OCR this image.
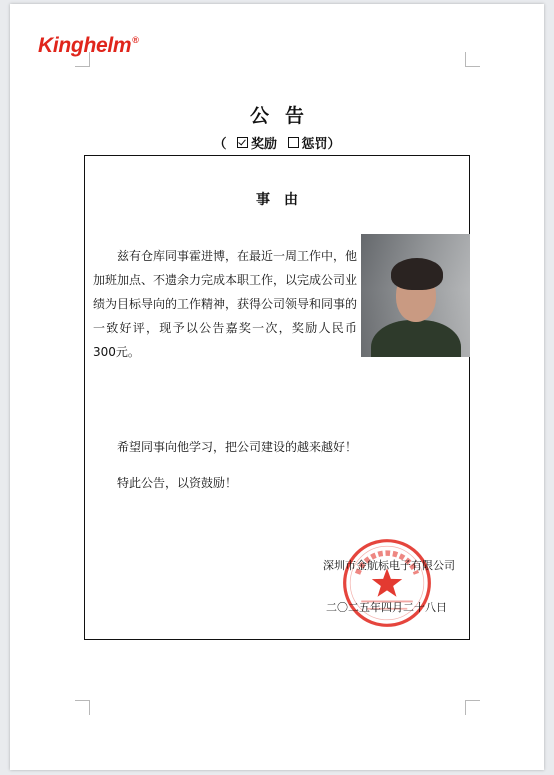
Kinghelm®
公告
（ 奖励 惩罚）
事由
兹有仓库同事霍进博，在最近一周工作中，他加班加点、不遗余力完成本职工作，以完成公司业绩为目标导向的工作精神，获得公司领导和同事的一致好评，现予以公告嘉奖一次，奖励人民币 300元。
希望同事向他学习，把公司建设的越来越好！
特此公告，以资鼓励！
深圳市金航标电子有限公司
二〇二五年四月二十八日
